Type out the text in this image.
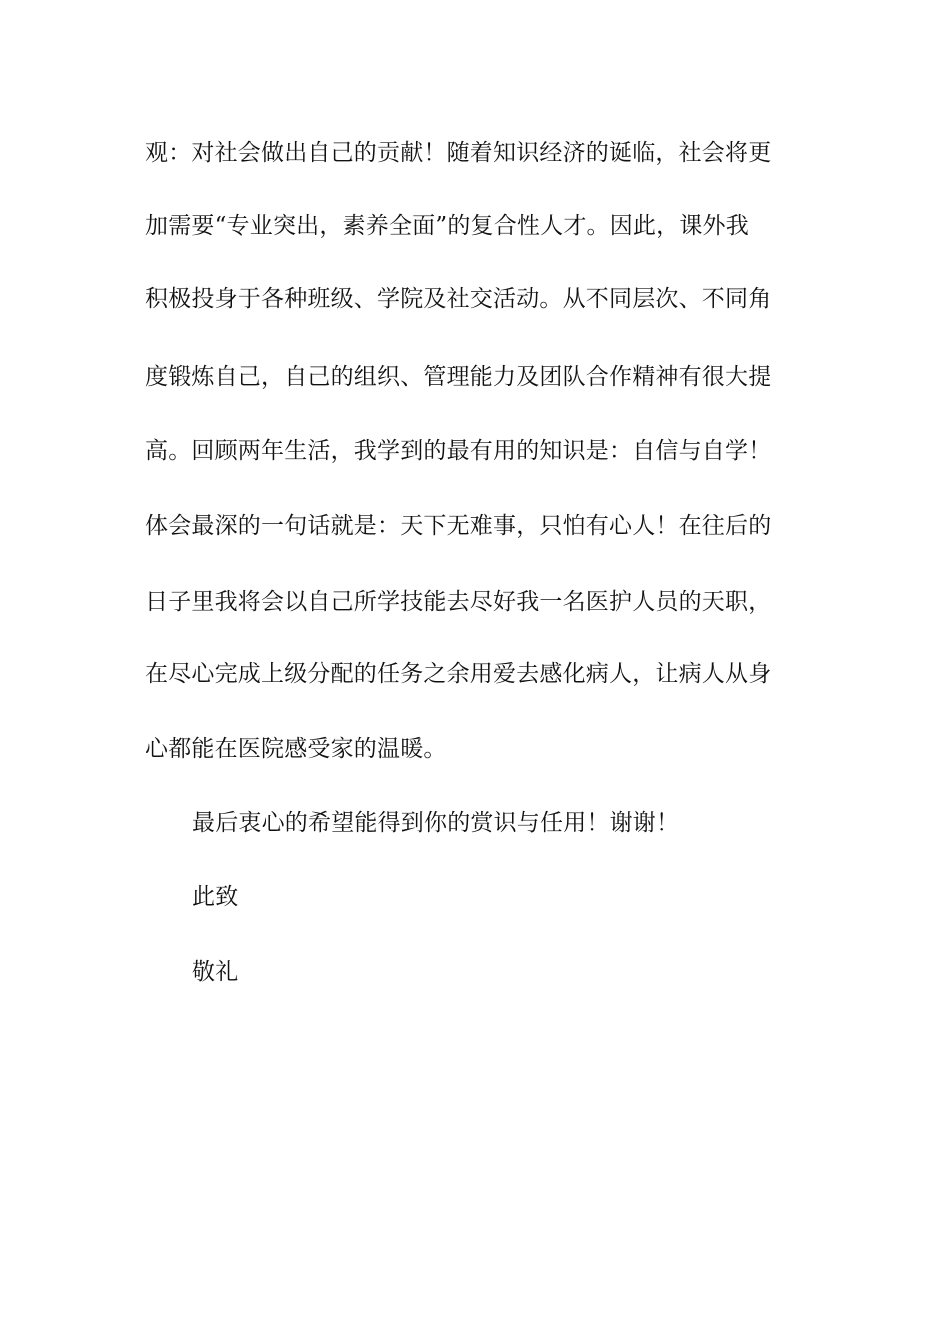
观：对社会做出自己的贡献！随着知识经济的诞临，社会将更
加需要“专业突出，素养全面”的复合性人才。因此，课外我
积极投身于各种班级、学院及社交活动。从不同层次、不同角
度锻炼自己，自己的组织、管理能力及团队合作精神有很大提
高。回顾两年生活，我学到的最有用的知识是：自信与自学！
体会最深的一句话就是：天下无难事，只怕有心人！在往后的
日子里我将会以自己所学技能去尽好我一名医护人员的天职，
在尽心完成上级分配的任务之余用爱去感化病人，让病人从身
心都能在医院感受家的温暖。
最后衷心的希望能得到你的赏识与任用！谢谢！
此致
敬礼
